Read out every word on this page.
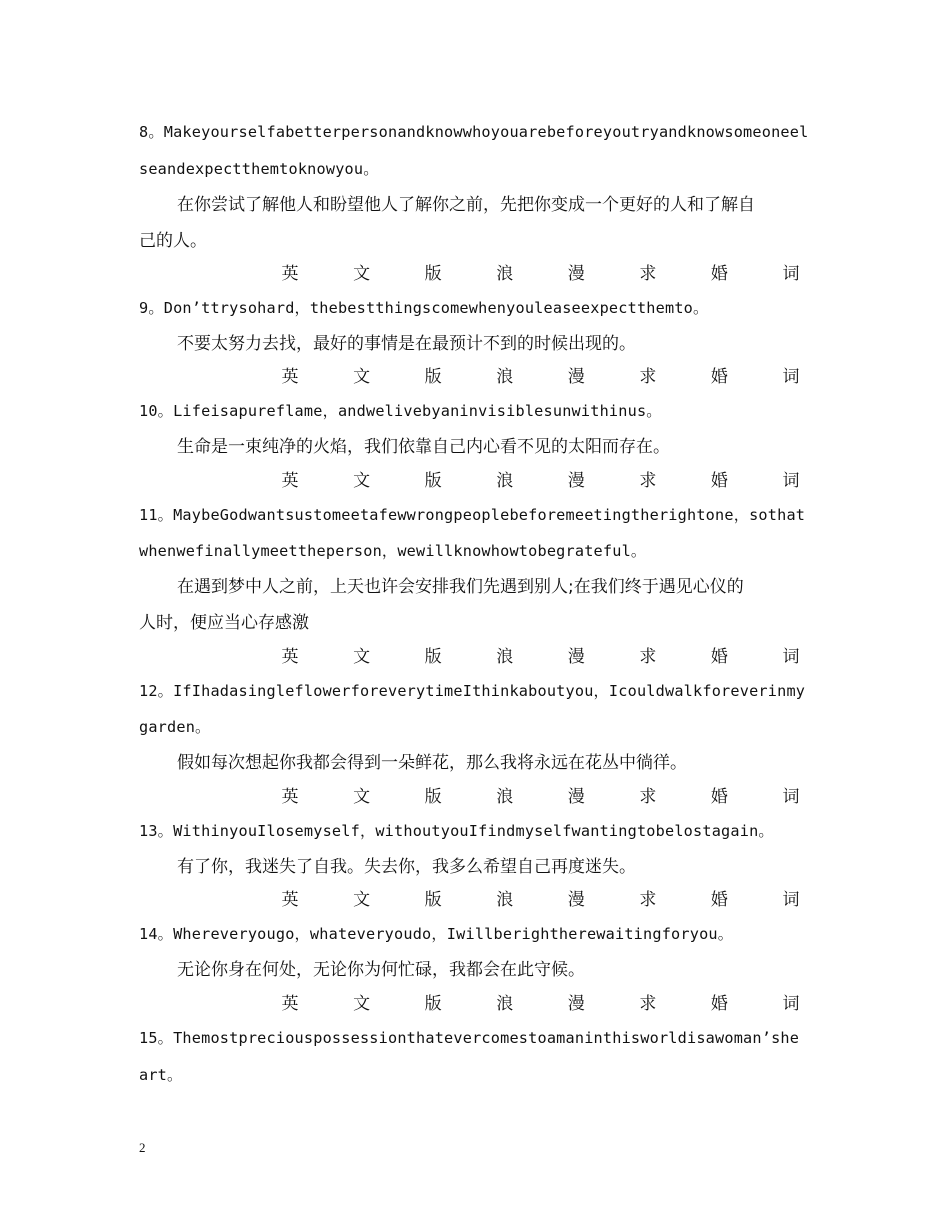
8。Makeyourselfabetterpersonandknowwhoyouarebeforeyoutryandknowsomeoneel
seandexpectthemtoknowyou。
在你尝试了解他人和盼望他人了解你之前，先把你变成一个更好的人和了解自
己的人。
英	文	版	浪	漫	求	婚	词
9。Don’ttrysohard，thebestthingscomewhenyouleaseexpectthemto。
不要太努力去找，最好的事情是在最预计不到的时候出现的。
英	文	版	浪	漫	求	婚	词
10。Lifeisapureflame，andwelivebyaninvisiblesunwithinus。
生命是一束纯净的火焰，我们依靠自己内心看不见的太阳而存在。
英	文	版	浪	漫	求	婚	词
11。MaybeGodwantsustomeetafewwrongpeoplebeforemeetingtherightone，sothat
whenwefinallymeettheperson，wewillknowhowtobegrateful。
在遇到梦中人之前，上天也许会安排我们先遇到别人;在我们终于遇见心仪的
人时，便应当心存感激
英	文	版	浪	漫	求	婚	词
12。IfIhadasingleflowerforeverytimeIthinkaboutyou，Icouldwalkforeverinmy
garden。
假如每次想起你我都会得到一朵鲜花，那么我将永远在花丛中徜徉。
英	文	版	浪	漫	求	婚	词
13。WithinyouIlosemyself，withoutyouIfindmyselfwantingtobelostagain。
有了你，我迷失了自我。失去你，我多么希望自己再度迷失。
英	文	版	浪	漫	求	婚	词
14。Whereveryougo，whateveryoudo，Iwillberightherewaitingforyou。
无论你身在何处，无论你为何忙碌，我都会在此守候。
英	文	版	浪	漫	求	婚	词
15。Themostpreciouspossessionthatevercomestoamaninthisworldisawoman’she
art。
2
